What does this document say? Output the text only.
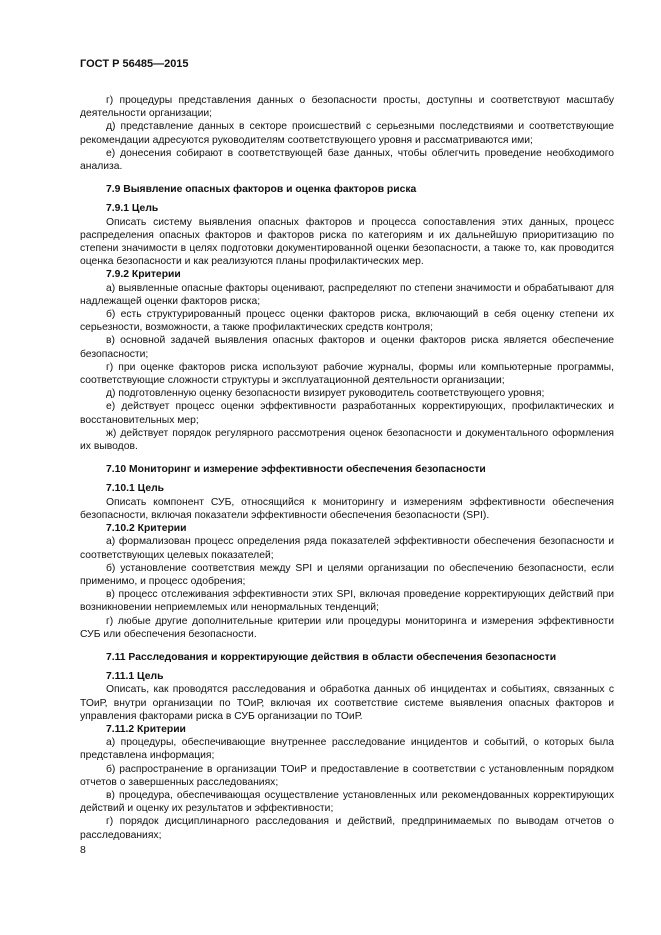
ГОСТ Р 56485—2015

г) процедуры представления данных о безопасности просты, доступны и соответствуют масштабу деятельности организации;

д) представление данных в секторе происшествий с серьезными последствиями и соответствующие рекомендации адресуются руководителям соответствующего уровня и рассматриваются ими;

е) донесения собирают в соответствующей базе данных, чтобы облегчить проведение необходимого анализа.

7.9 Выявление опасных факторов и оценка факторов риска
7.9.1 Цель

Описать систему выявления опасных факторов и процесса сопоставления этих данных, процесс распределения опасных факторов и факторов риска по категориям и их дальнейшую приоритизацию по степени значимости в целях подготовки документированной оценки безопасности, а также то, как проводится оценка безопасности и как реализуются планы профилактических мер.

7.9.2 Критерии

а) выявленные опасные факторы оценивают, распределяют по степени значимости и обрабатывают для надлежащей оценки факторов риска;

б) есть структурированный процесс оценки факторов риска, включающий в себя оценку степени их серьезности, возможности, а также профилактических средств контроля;

в) основной задачей выявления опасных факторов и оценки факторов риска является обеспечение безопасности;

г) при оценке факторов риска используют рабочие журналы, формы или компьютерные программы, соответствующие сложности структуры и эксплуатационной деятельности организации;

д) подготовленную оценку безопасности визирует руководитель соответствующего уровня;

е) действует процесс оценки эффективности разработанных корректирующих, профилактических и восстановительных мер;

ж) действует порядок регулярного рассмотрения оценок безопасности и документального оформления их выводов.

7.10 Мониторинг и измерение эффективности обеспечения безопасности
7.10.1 Цель

Описать компонент СУБ, относящийся к мониторингу и измерениям эффективности обеспечения безопасности, включая показатели эффективности обеспечения безопасности (SPI).

7.10.2 Критерии

а) формализован процесс определения ряда показателей эффективности обеспечения безопасности и соответствующих целевых показателей;

б) установление соответствия между SPI и целями организации по обеспечению безопасности, если применимо, и процесс одобрения;

в) процесс отслеживания эффективности этих SPI, включая проведение корректирующих действий при возникновении неприемлемых или ненормальных тенденций;

г) любые другие дополнительные критерии или процедуры мониторинга и измерения эффективности СУБ или обеспечения безопасности.

7.11 Расследования и корректирующие действия в области обеспечения безопасности
7.11.1 Цель

Описать, как проводятся расследования и обработка данных об инцидентах и событиях, связанных с ТОиР, внутри организации по ТОиР, включая их соответствие системе выявления опасных факторов и управления факторами риска в СУБ организации по ТОиР.

7.11.2 Критерии

а) процедуры, обеспечивающие внутреннее расследование инцидентов и событий, о которых была представлена информация;

б) распространение в организации ТОиР и предоставление в соответствии с установленным порядком отчетов о завершенных расследованиях;

в) процедура, обеспечивающая осуществление установленных или рекомендованных корректирующих действий и оценку их результатов и эффективности;

г) порядок дисциплинарного расследования и действий, предпринимаемых по выводам отчетов о расследованиях;

8
